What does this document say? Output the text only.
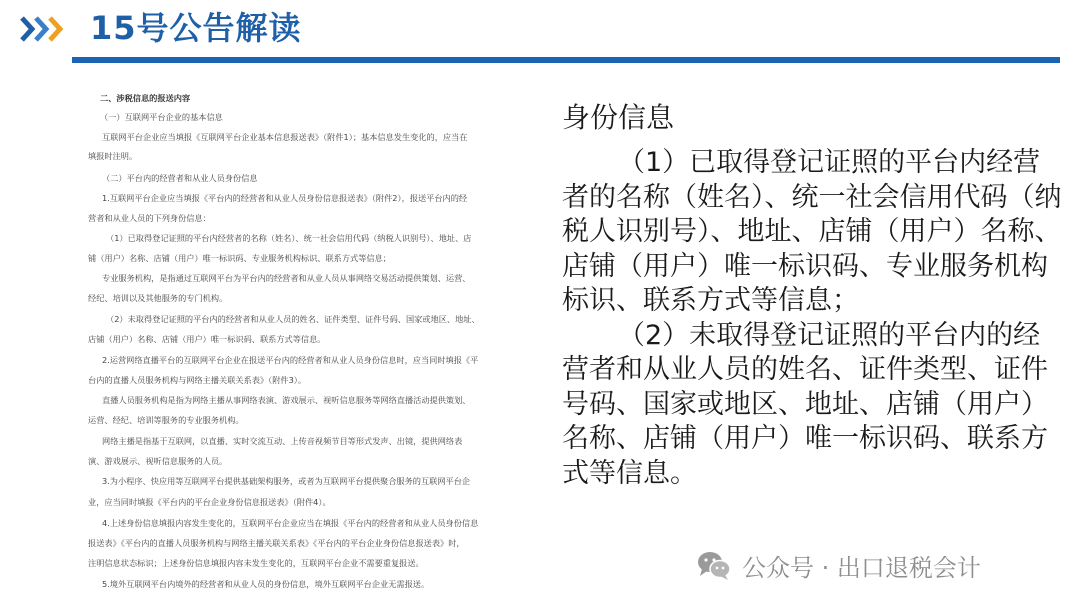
15号公告解读

二、涉税信息的报送内容

（一）互联网平台企业的基本信息

互联网平台企业应当填报《互联网平台企业基本信息报送表》（附件1）；基本信息发生变化的，应当在

填报时注明。

（二）平台内的经营者和从业人员身份信息

1.互联网平台企业应当填报《平台内的经营者和从业人员身份信息报送表》（附件2），报送平台内的经

营者和从业人员的下列身份信息：

（1）已取得登记证照的平台内经营者的名称（姓名）、统一社会信用代码（纳税人识别号）、地址、店

铺（用户）名称、店铺（用户）唯一标识码、专业服务机构标识、联系方式等信息；

专业服务机构，是指通过互联网平台为平台内的经营者和从业人员从事网络交易活动提供策划、运营、

经纪、培训以及其他服务的专门机构。

（2）未取得登记证照的平台内的经营者和从业人员的姓名、证件类型、证件号码、国家或地区、地址、

店铺（用户）名称、店铺（用户）唯一标识码、联系方式等信息。

2.运营网络直播平台的互联网平台企业在报送平台内的经营者和从业人员身份信息时，应当同时填报《平

台内的直播人员服务机构与网络主播关联关系表》（附件3）。

直播人员服务机构是指为网络主播从事网络表演、游戏展示、视听信息服务等网络直播活动提供策划、

运营、经纪、培训等服务的专业服务机构。

网络主播是指基于互联网，以直播、实时交流互动、上传音视频节目等形式发声、出镜，提供网络表

演、游戏展示、视听信息服务的人员。

3.为小程序、快应用等互联网平台提供基础架构服务，或者为互联网平台提供聚合服务的互联网平台企

业，应当同时填报《平台内的平台企业身份信息报送表》（附件4）。

4.上述身份信息填报内容发生变化的，互联网平台企业应当在填报《平台内的经营者和从业人员身份信息

报送表》《平台内的直播人员服务机构与网络主播关联关系表》《平台内的平台企业身份信息报送表》时，

注明信息状态标识；上述身份信息填报内容未发生变化的，互联网平台企业不需要重复报送。

5.境外互联网平台内境外的经营者和从业人员的身份信息，境外互联网平台企业无需报送。

身份信息

（1）已取得登记证照的平台内经营者的名称（姓名）、统一社会信用代码（纳税人识别号）、地址、店铺（用户）名称、店铺（用户）唯一标识码、专业服务机构标识、联系方式等信息；

（2）未取得登记证照的平台内的经营者和从业人员的姓名、证件类型、证件号码、国家或地区、地址、店铺（用户）名称、店铺（用户）唯一标识码、联系方式等信息。

公众号 · 出口退税会计
